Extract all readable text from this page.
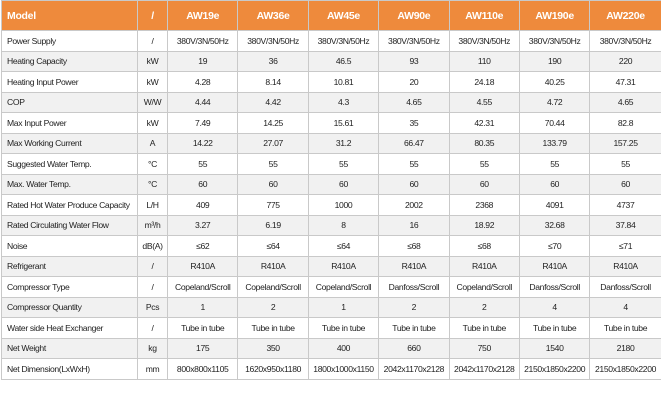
Model	/	AW19e	AW36e	AW45e	AW90e	AW110e	AW190e	AW220e
Power Supply	/	380V/3N/50Hz	380V/3N/50Hz	380V/3N/50Hz	380V/3N/50Hz	380V/3N/50Hz	380V/3N/50Hz	380V/3N/50Hz
Heating Capacity	kW	19	36	46.5	93	110	190	220
Heating Input Power	kW	4.28	8.14	10.81	20	24.18	40.25	47.31
COP	W/W	4.44	4.42	4.3	4.65	4.55	4.72	4.65
Max Input Power	kW	7.49	14.25	15.61	35	42.31	70.44	82.8
Max Working Current	A	14.22	27.07	31.2	66.47	80.35	133.79	157.25
Suggested Water Temp.	°C	55	55	55	55	55	55	55
Max. Water Temp.	°C	60	60	60	60	60	60	60
Rated Hot Water Produce Capacity	L/H	409	775	1000	2002	2368	4091	4737
Rated Circulating Water Flow	m³/h	3.27	6.19	8	16	18.92	32.68	37.84
Noise	dB(A)	≤62	≤64	≤64	≤68	≤68	≤70	≤71
Refrigerant	/	R410A	R410A	R410A	R410A	R410A	R410A	R410A
Compressor Type	/	Copeland/Scroll	Copeland/Scroll	Copeland/Scroll	Danfoss/Scroll	Copeland/Scroll	Danfoss/Scroll	Danfoss/Scroll
Compressor Quantity	Pcs	1	2	1	2	2	4	4
Water side Heat Exchanger	/	Tube in tube	Tube in tube	Tube in tube	Tube in tube	Tube in tube	Tube in tube	Tube in tube
Net Weight	kg	175	350	400	660	750	1540	2180
Net Dimension(LxWxH)	mm	800x800x1105	1620x950x1180	1800x1000x1150	2042x1170x2128	2042x1170x2128	2150x1850x2200	2150x1850x2200
